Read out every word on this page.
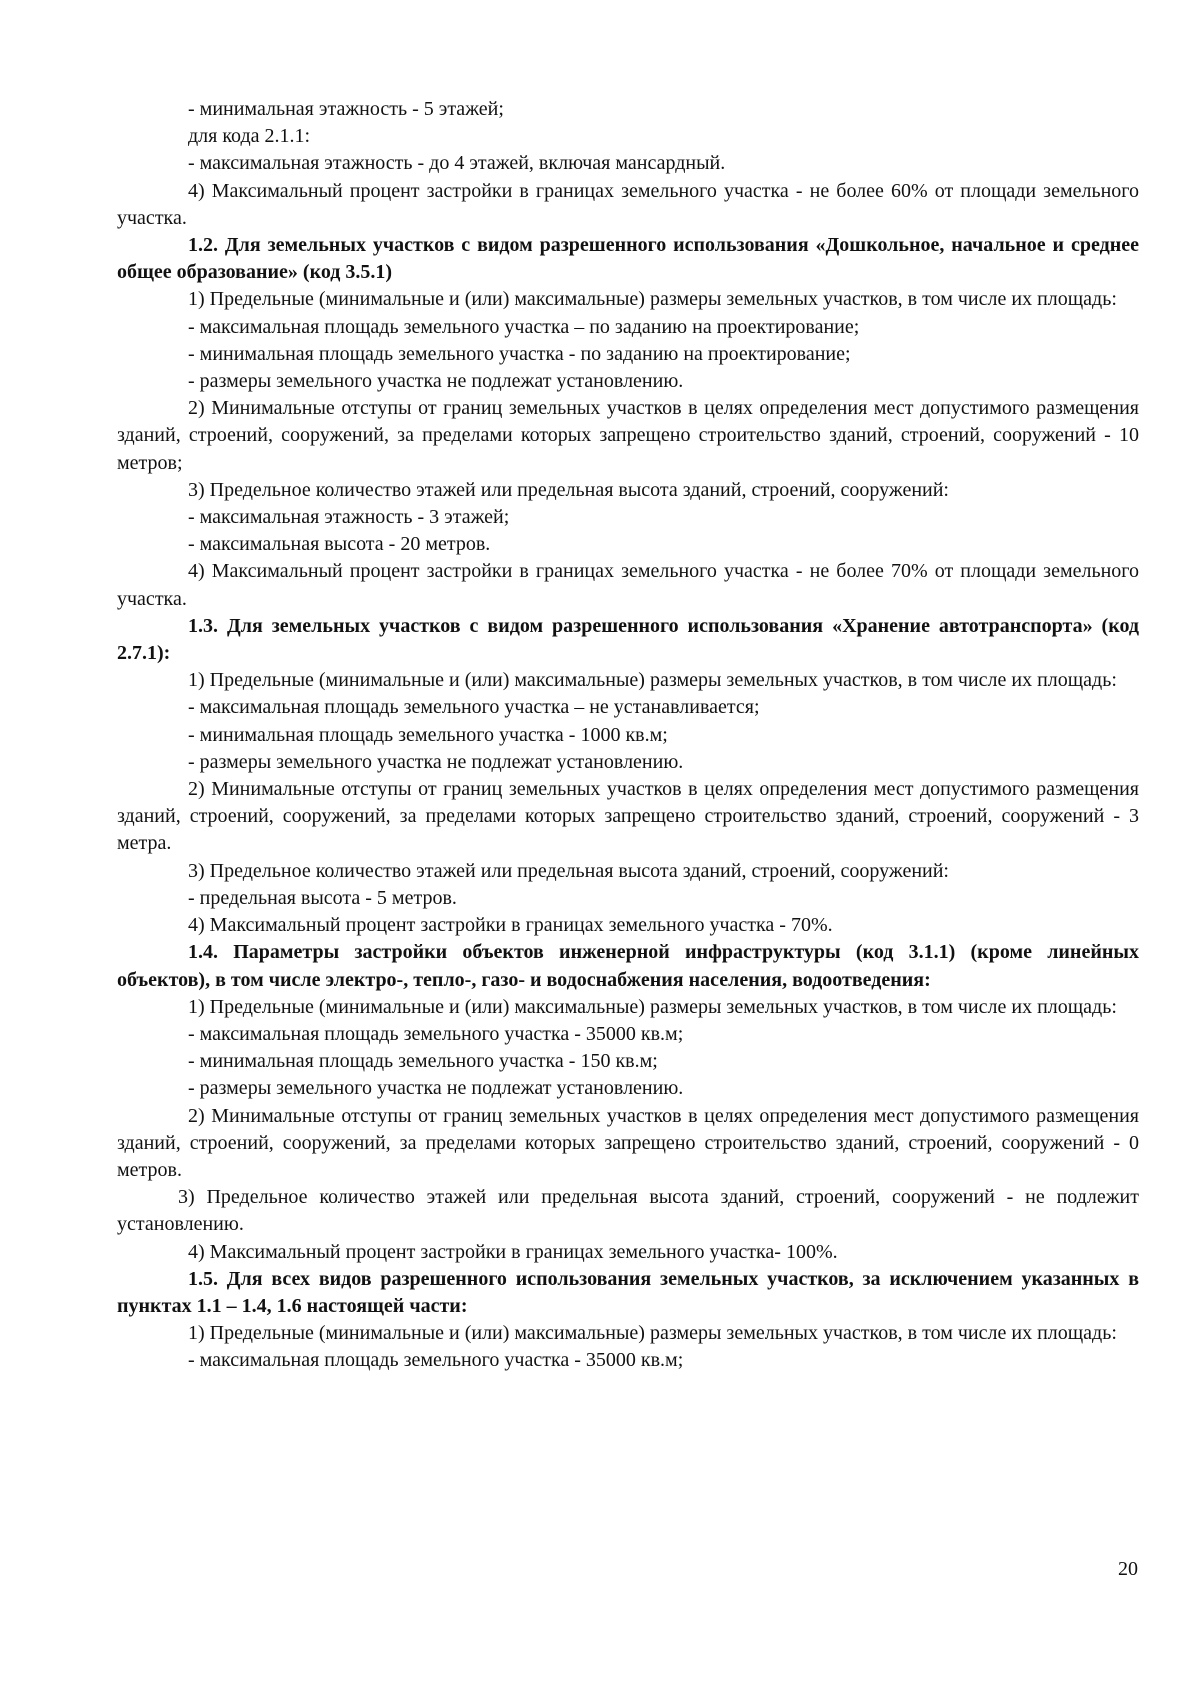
- минимальная этажность - 5 этажей;

для кода 2.1.1:

- максимальная этажность - до 4 этажей, включая мансардный.

4) Максимальный процент застройки в границах земельного участка - не более 60% от площади земельного участка.

1.2. Для земельных участков с видом разрешенного использования «Дошкольное, начальное и среднее общее образование» (код 3.5.1)

1) Предельные (минимальные и (или) максимальные) размеры земельных участков, в том числе их площадь:

- максимальная площадь земельного участка – по заданию на проектирование;

- минимальная площадь земельного участка - по заданию на проектирование;

- размеры земельного участка не подлежат установлению.

2) Минимальные отступы от границ земельных участков в целях определения мест допустимого размещения зданий, строений, сооружений, за пределами которых запрещено строительство зданий, строений, сооружений - 10 метров;

3) Предельное количество этажей или предельная высота зданий, строений, сооружений:

- максимальная этажность - 3 этажей;

- максимальная высота - 20 метров.

4) Максимальный процент застройки в границах земельного участка - не более 70% от площади земельного участка.

1.3. Для земельных участков с видом разрешенного использования «Хранение автотранспорта» (код 2.7.1):

1) Предельные (минимальные и (или) максимальные) размеры земельных участков, в том числе их площадь:

- максимальная площадь земельного участка – не устанавливается;

- минимальная площадь земельного участка - 1000 кв.м;

- размеры земельного участка не подлежат установлению.

2) Минимальные отступы от границ земельных участков в целях определения мест допустимого размещения зданий, строений, сооружений, за пределами которых запрещено строительство зданий, строений, сооружений - 3 метра.

3) Предельное количество этажей или предельная высота зданий, строений, сооружений:

- предельная высота - 5 метров.

4) Максимальный процент застройки в границах земельного участка - 70%.

1.4. Параметры застройки объектов инженерной инфраструктуры (код 3.1.1) (кроме линейных объектов), в том числе электро-, тепло-, газо- и водоснабжения населения, водоотведения:

1) Предельные (минимальные и (или) максимальные) размеры земельных участков, в том числе их площадь:

- максимальная площадь земельного участка - 35000 кв.м;

- минимальная площадь земельного участка - 150 кв.м;

- размеры земельного участка не подлежат установлению.

2) Минимальные отступы от границ земельных участков в целях определения мест допустимого размещения зданий, строений, сооружений, за пределами которых запрещено строительство зданий, строений, сооружений - 0 метров.

3) Предельное количество этажей или предельная высота зданий, строений, сооружений - не подлежит установлению.

4) Максимальный процент застройки в границах земельного участка- 100%.

1.5. Для всех видов разрешенного использования земельных участков, за исключением указанных в пунктах 1.1 – 1.4, 1.6 настоящей части:

1) Предельные (минимальные и (или) максимальные) размеры земельных участков, в том числе их площадь:

- максимальная площадь земельного участка - 35000 кв.м;

20
